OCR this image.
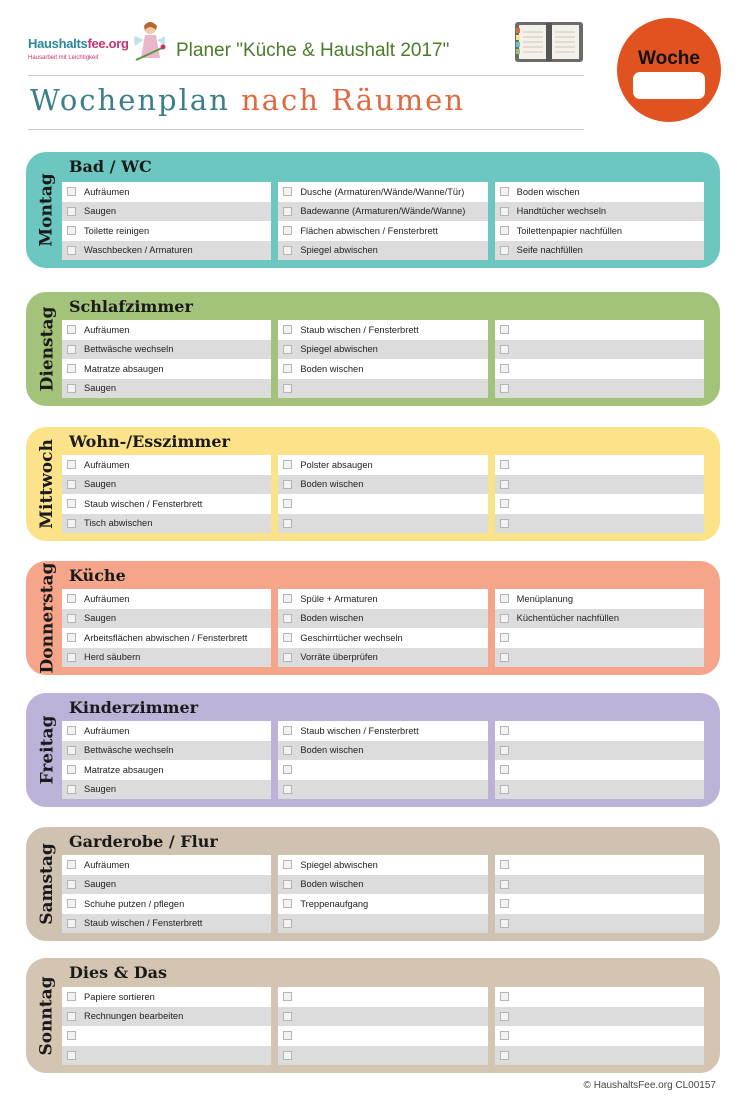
Haushaltsfee.org
Hausarbeit mit Leichtigkeit	Planer "Küche & Haushalt 2017"
Wochenplan nach Räumen
Woche
Montag
Bad / WC
Aufräumen
Saugen
Toilette reinigen
Waschbecken / Armaturen
Dusche (Armaturen/Wände/Wanne/Tür)
Badewanne (Armaturen/Wände/Wanne)
Flächen abwischen / Fensterbrett
Spiegel abwischen
Boden wischen
Handtücher wechseln
Toilettenpapier nachfüllen
Seife nachfüllen
Dienstag
Schlafzimmer
Aufräumen
Bettwäsche wechseln
Matratze absaugen
Saugen
Staub wischen / Fensterbrett
Spiegel abwischen
Boden wischen
Mittwoch Wohn-/Esszimmer
Aufräumen
Saugen
Staub wischen / Fensterbrett
Tisch abwischen
Polster absaugen
Boden wischen
Donnerstag Küche
Aufräumen
Saugen
Arbeitsflächen abwischen / Fensterbrett
Herd säubern
Spüle + Armaturen
Boden wischen
Geschirrtücher wechseln
Vorräte überprüfen
Menüplanung
Küchentücher nachfüllen
Freitag
Kinderzimmer
Aufräumen
Bettwäsche wechseln
Matratze absaugen
Saugen
Staub wischen / Fensterbrett
Boden wischen
Samstag
Garderobe / Flur
Aufräumen
Saugen
Schuhe putzen / pflegen
Staub wischen / Fensterbrett
Spiegel abwischen
Boden wischen
Treppenaufgang
Sonntag
Dies & Das
Papiere sortieren
Rechnungen bearbeiten
© HaushaltsFee.org CL00157
